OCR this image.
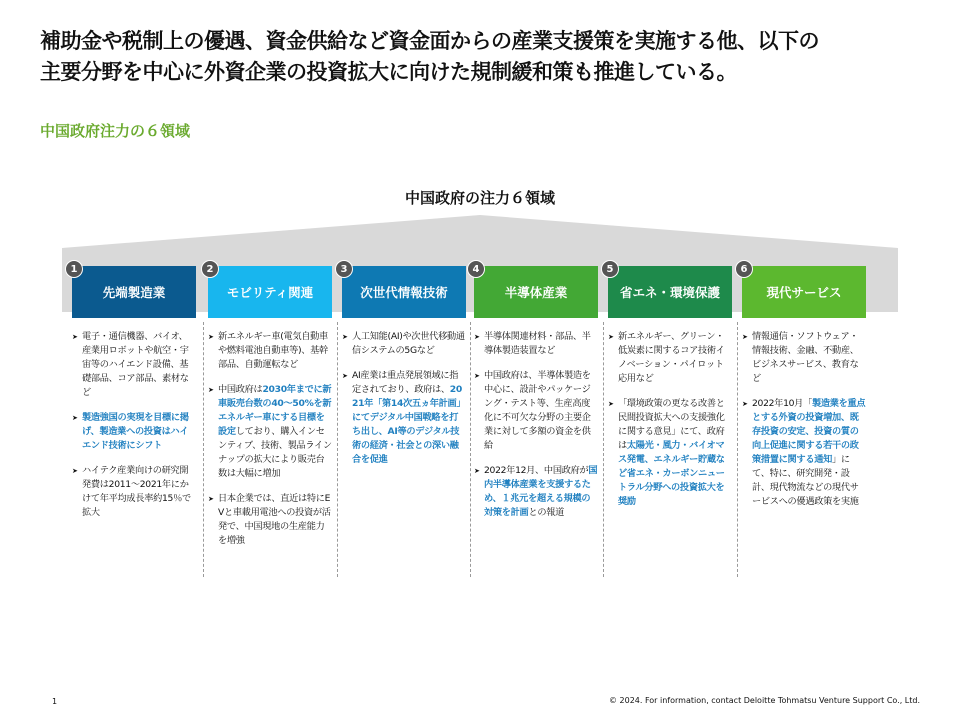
補助金や税制上の優遇、資金供給など資金面からの産業支援策を実施する他、以下の
主要分野を中心に外資企業の投資拡大に向けた規制緩和策も推進している。
中国政府注力の６領域
中国政府の注力６領域
1
先端製造業
➤ 電子・通信機器、バイオ、産業用ロボットや航空・宇宙等のハイエンド設備、基礎部品、コア部品、素材など
➤ 製造強国の実現を目標に掲げ、製造業への投資はハイエンド技術にシフト
➤ ハイテク産業向けの研究開発費は2011～2021年にかけて年平均成長率約15％で拡大
2
モビリティ関連
➤ 新エネルギー車(電気自動車や燃料電池自動車等)、基幹部品、自動運転など
➤ 中国政府は2030年までに新車販売台数の40～50%を新エネルギー車にする目標を設定しており、購入インセンティブ、技術、製品ラインナップの拡大により販売台数は大幅に増加
➤ 日本企業では、直近は特にEVと車載用電池への投資が活発で、中国現地の生産能力を増強
3
次世代情報技術
➤ 人工知能(AI)や次世代移動通信システムの5Gなど
➤ AI産業は重点発展領域に指定されており、政府は、2021年「第14次五ヵ年計画」にてデジタル中国戦略を打ち出し、AI等のデジタル技術の経済・社会との深い融合を促進
4
半導体産業
➤ 半導体関連材料・部品、半導体製造装置など
➤ 中国政府は、半導体製造を中心に、設計やパッケージング・テスト等、生産高度化に不可欠な分野の主要企業に対して多額の資金を供給
➤ 2022年12月、中国政府が国内半導体産業を支援するため、１兆元を超える規模の対策を計画との報道
5
省エネ・環境保護
➤ 新エネルギー、グリーン・低炭素に関するコア技術イノベーション・パイロット応用など
➤ 「環境政策の更なる改善と民間投資拡大への支援強化に関する意見」にて、政府は太陽光・風力・バイオマス発電、エネルギー貯蔵など省エネ・カーボンニュートラル分野への投資拡大を奨励
6
現代サービス
➤ 情報通信・ソフトウェア・情報技術、金融、不動産、ビジネスサービス、教育など
➤ 2022年10月「製造業を重点とする外資の投資増加、既存投資の安定、投資の質の向上促進に関する若干の政策措置に関する通知」にて、特に、研究開発・設計、現代物流などの現代サービスへの優遇政策を実施
1	© 2024. For information, contact Deloitte Tohmatsu Venture Support Co., Ltd.
